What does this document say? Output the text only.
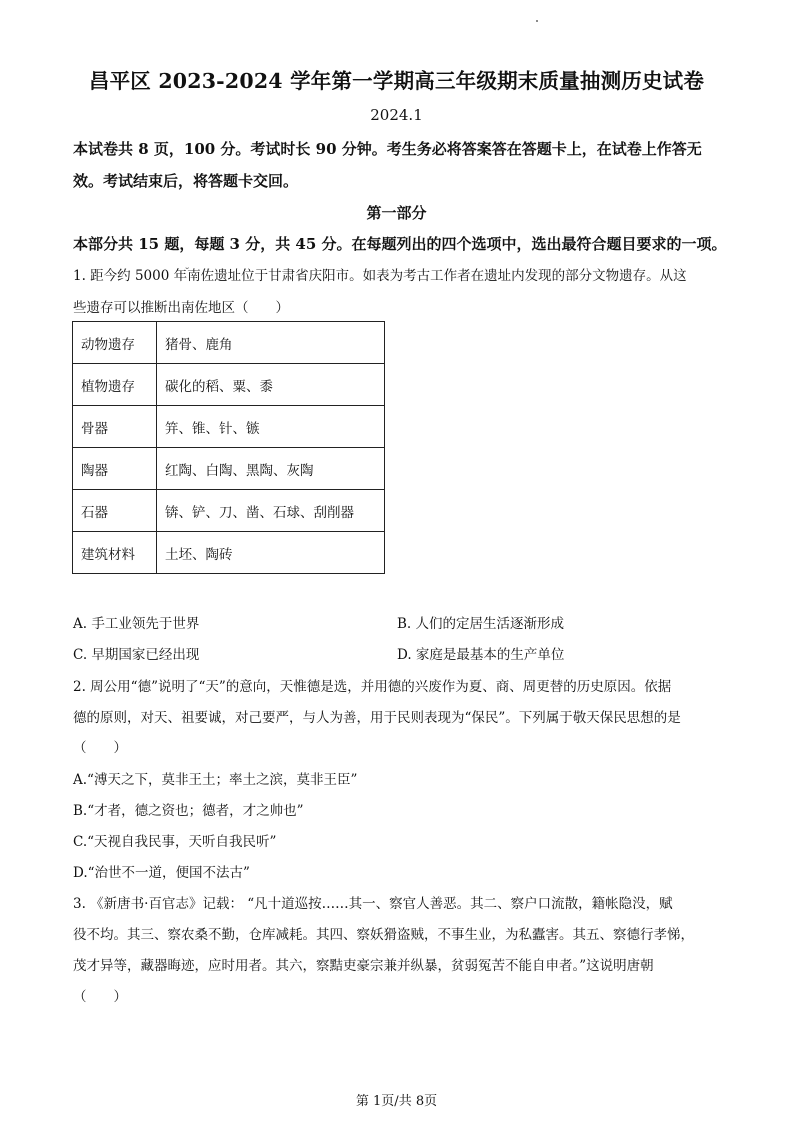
昌平区 2023-2024 学年第一学期高三年级期末质量抽测历史试卷
2024.1
本试卷共 8 页，100 分。考试时长 90 分钟。考生务必将答案答在答题卡上，在试卷上作答无
效。考试结束后，将答题卡交回。
第一部分
本部分共 15 题，每题 3 分，共 45 分。在每题列出的四个选项中，选出最符合题目要求的一项。
1. 距今约 5000 年南佐遗址位于甘肃省庆阳市。如表为考古工作者在遗址内发现的部分文物遗存。从这
些遗存可以推断出南佐地区（　　）
动物遗存	猪骨、鹿角
植物遗存	碳化的稻、粟、黍
骨器	笄、锥、针、镞
陶器	红陶、白陶、黑陶、灰陶
石器	锛、铲、刀、凿、石球、刮削器
建筑材料	土坯、陶砖
A. 手工业领先于世界	B. 人们的定居生活逐渐形成
C. 早期国家已经出现	D. 家庭是最基本的生产单位
2. 周公用“德”说明了“天”的意向，天惟德是选，并用德的兴废作为夏、商、周更替的历史原因。依据
德的原则，对天、祖要诚，对己要严，与人为善，用于民则表现为“保民”。下列属于敬天保民思想的是
（　　）
A.“溥天之下，莫非王土；率土之滨，莫非王臣”
B.“才者，德之资也；德者，才之帅也”
C.“天视自我民事，天听自我民听”
D.“治世不一道，便国不法古”
3. 《新唐书·百官志》记载： “凡十道巡按……其一、察官人善恶。其二、察户口流散，籍帐隐没，赋
役不均。其三、察农桑不勤，仓库减耗。其四、察妖猾盗贼，不事生业，为私蠹害。其五、察德行孝悌，
茂才异等，藏器晦迹，应时用者。其六，察黠吏豪宗兼并纵暴，贫弱冤苦不能自申者。”这说明唐朝
（　　）
第 1页/共 8页
